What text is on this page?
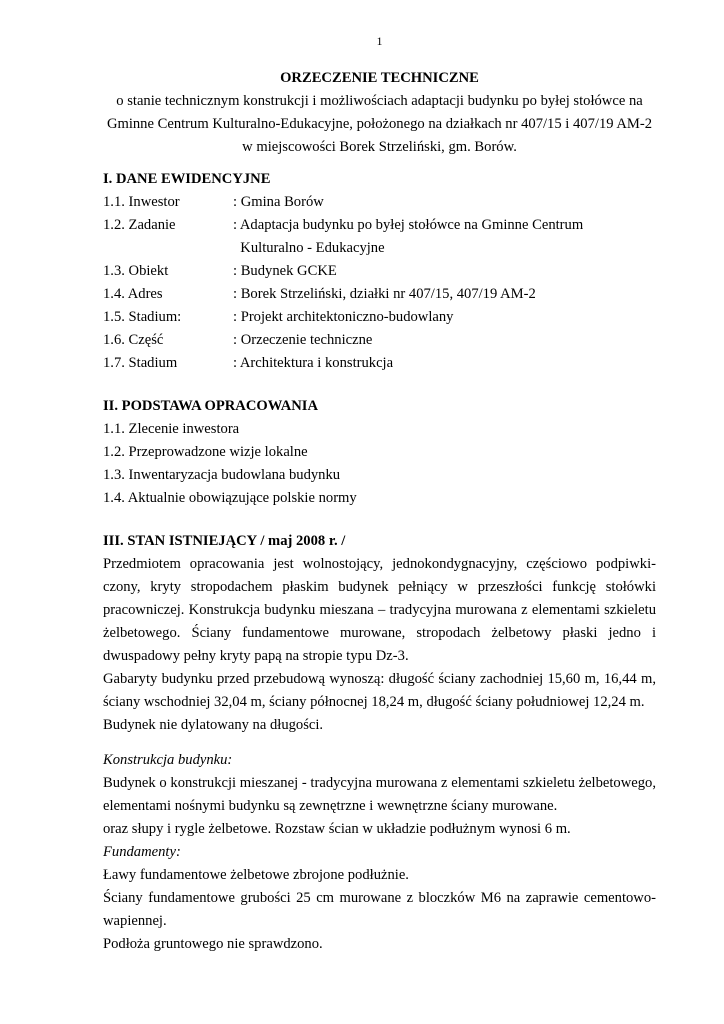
1
ORZECZENIE TECHNICZNE
o stanie technicznym konstrukcji i możliwościach adaptacji budynku po byłej stołówce na
Gminne Centrum Kulturalno-Edukacyjne, położonego na działkach nr 407/15 i 407/19 AM-2
w miejscowości Borek Strzeliński, gm. Borów.
I. DANE EWIDENCYJNE
1.1. Inwestor	: Gmina Borów
1.2. Zadanie	: Adaptacja budynku po byłej stołówce na Gminne Centrum
Kulturalno - Edukacyjne
1.3. Obiekt	: Budynek GCKE
1.4. Adres	: Borek Strzeliński, działki nr 407/15, 407/19 AM-2
1.5. Stadium:	: Projekt architektoniczno-budowlany
1.6. Część	: Orzeczenie techniczne
1.7. Stadium	: Architektura i konstrukcja
II. PODSTAWA OPRACOWANIA
1.1. Zlecenie inwestora
1.2. Przeprowadzone wizje lokalne
1.3. Inwentaryzacja budowlana budynku
1.4. Aktualnie obowiązujące polskie normy
III. STAN ISTNIEJĄCY / maj 2008 r. /

Przedmiotem opracowania jest wolnostojący, jednokondygnacyjny, częściowo podpiwki-czony, kryty stropodachem płaskim budynek pełniący w przeszłości funkcję stołówki pracowniczej. Konstrukcja budynku mieszana – tradycyjna murowana z elementami szkieletu żelbetowego. Ściany fundamentowe murowane, stropodach żelbetowy płaski jedno i dwuspadowy pełny kryty papą na stropie typu Dz-3.

Gabaryty budynku przed przebudową wynoszą: długość ściany zachodniej 15,60 m, 16,44 m, ściany wschodniej 32,04 m, ściany północnej 18,24 m, długość ściany południowej 12,24 m.

Budynek nie dylatowany na długości.

Konstrukcja budynku:

Budynek o konstrukcji mieszanej - tradycyjna murowana z elementami szkieletu żelbetowego, elementami nośnymi budynku są zewnętrzne i wewnętrzne ściany murowane.

oraz słupy i rygle żelbetowe. Rozstaw ścian w układzie podłużnym wynosi 6 m.

Fundamenty:

Ławy fundamentowe żelbetowe zbrojone podłużnie.

Ściany fundamentowe grubości 25 cm murowane z bloczków M6 na zaprawie cementowo-wapiennej.

Podłoża gruntowego nie sprawdzono.
